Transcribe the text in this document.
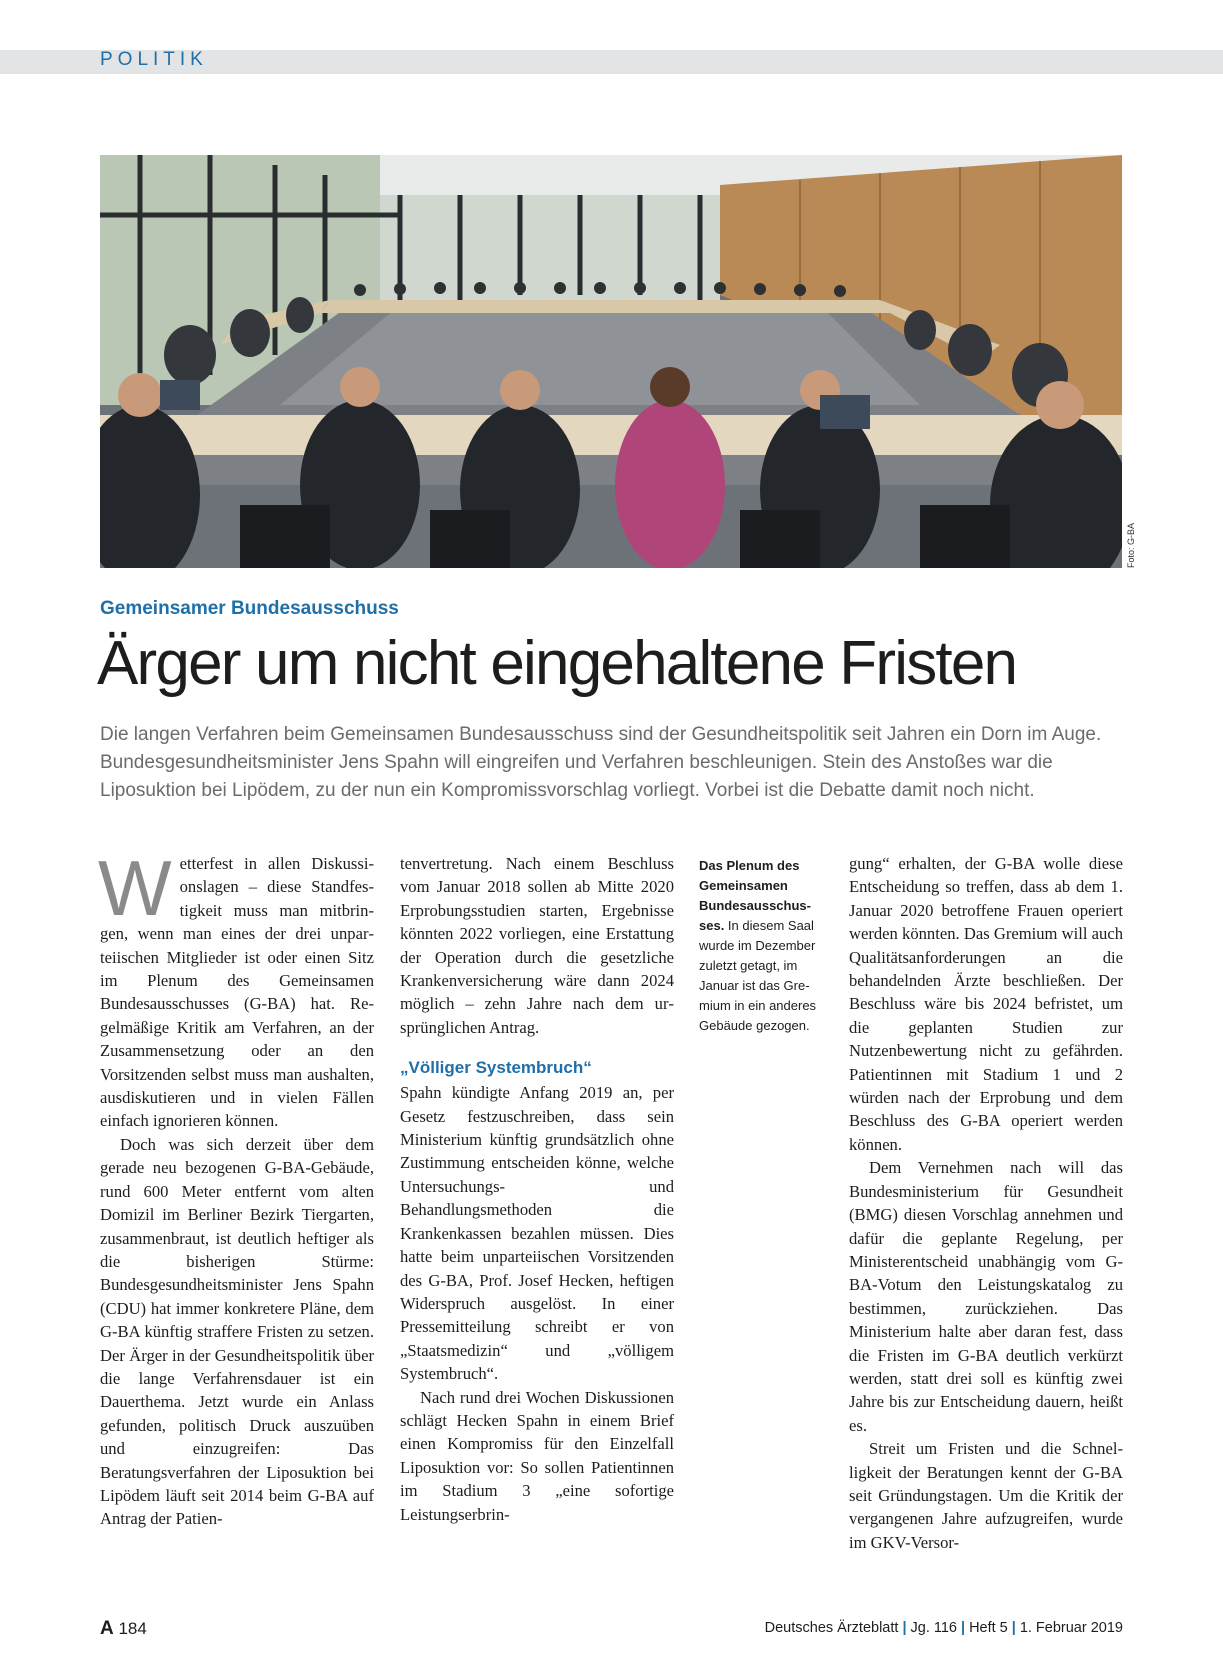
POLITIK
Foto: G-BA
Gemeinsamer Bundesausschuss
Ärger um nicht eingehaltene Fristen

Die langen Verfahren beim Gemeinsamen Bundesausschuss sind der Gesundheitspolitik seit Jahren ein Dorn im Auge. Bundesgesundheitsminister Jens Spahn will eingreifen und Verfahren beschleunigen. Stein des Anstoßes war die Liposuktion bei Lipödem, zu der nun ein Kompromissvorschlag vorliegt. Vorbei ist die Debatte damit noch nicht.

Wetterfest in allen Diskussionslagen – diese Standfestigkeit muss man mitbringen, wenn man eines der drei unparteiischen Mitglieder ist oder einen Sitz im Plenum des Gemeinsamen Bundesausschusses (G-BA) hat. Regelmäßige Kritik am Verfahren, an der Zusammensetzung oder an den Vorsitzenden selbst muss man aushalten, ausdiskutieren und in vielen Fällen einfach ignorieren können.

Doch was sich derzeit über dem gerade neu bezogenen G-BA-Gebäude, rund 600 Meter entfernt vom alten Domizil im Berliner Bezirk Tiergarten, zusammenbraut, ist deutlich heftiger als die bisherigen Stürme: Bundesgesundheitsminister Jens Spahn (CDU) hat immer konkretere Pläne, dem G-BA künftig straffere Fristen zu setzen. Der Ärger in der Gesundheitspolitik über die lange Verfahrensdauer ist ein Dauerthema. Jetzt wurde ein Anlass gefunden, politisch Druck auszuüben und einzugreifen: Das Beratungsverfahren der Liposuktion bei Lipödem läuft seit 2014 beim G-BA auf Antrag der Patien-

tenvertretung. Nach einem Beschluss vom Januar 2018 sollen ab Mitte 2020 Erprobungsstudien starten, Ergebnisse könnten 2022 vorliegen, eine Erstattung der Operation durch die gesetzliche Krankenversicherung wäre dann 2024 möglich – zehn Jahre nach dem ursprünglichen Antrag.

„Völliger Systembruch“

Spahn kündigte Anfang 2019 an, per Gesetz festzuschreiben, dass sein Ministerium künftig grundsätzlich ohne Zustimmung entscheiden könne, welche Untersuchungs- und Behandlungsmethoden die Krankenkassen bezahlen müssen. Dies hatte beim unparteiischen Vorsitzenden des G-BA, Prof. Josef Hecken, heftigen Widerspruch ausgelöst. In einer Pressemitteilung schreibt er von „Staatsmedizin“ und „völligem Systembruch“.

Nach rund drei Wochen Diskussionen schlägt Hecken Spahn in einem Brief einen Kompromiss für den Einzelfall Liposuktion vor: So sollen Patientinnen im Stadium 3 „eine sofortige Leistungserbrin-

Das Plenum des Gemeinsamen Bundesausschusses. In diesem Saal wurde im Dezember zuletzt getagt, im Januar ist das Gremium in ein anderes Gebäude gezogen.

gung“ erhalten, der G-BA wolle diese Entscheidung so treffen, dass ab dem 1. Januar 2020 betroffene Frauen operiert werden könnten. Das Gremium will auch Qualitätsanforderungen an die behandelnden Ärzte beschließen. Der Beschluss wäre bis 2024 befristet, um die geplanten Studien zur Nutzenbewertung nicht zu gefährden. Patientinnen mit Stadium 1 und 2 würden nach der Erprobung und dem Beschluss des G-BA operiert werden können.

Dem Vernehmen nach will das Bundesministerium für Gesundheit (BMG) diesen Vorschlag annehmen und dafür die geplante Regelung, per Ministerentscheid unabhängig vom G-BA-Votum den Leistungskatalog zu bestimmen, zurückziehen. Das Ministerium halte aber daran fest, dass die Fristen im G-BA deutlich verkürzt werden, statt drei soll es künftig zwei Jahre bis zur Entscheidung dauern, heißt es.

Streit um Fristen und die Schnelligkeit der Beratungen kennt der G-BA seit Gründungstagen. Um die Kritik der vergangenen Jahre aufzugreifen, wurde im GKV-Versor-

A 184	Deutsches Ärzteblatt | Jg. 116 | Heft 5 | 1. Februar 2019
